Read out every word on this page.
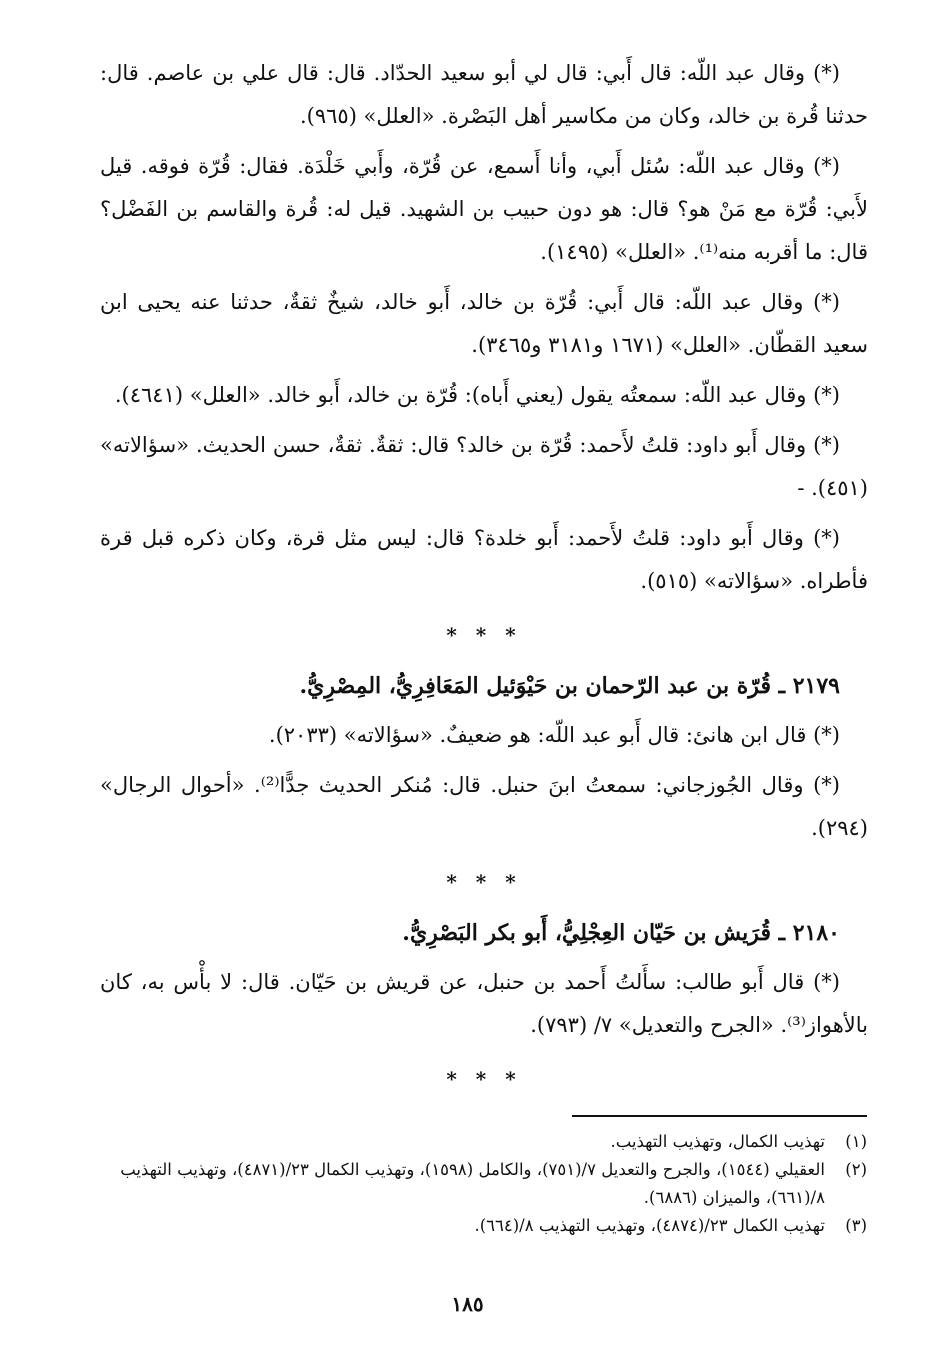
(*) وقال عبد اللّه: قال أَبي: قال لي أبو سعيد الحدّاد. قال: قال علي بن عاصم. قال: حدثنا قُرة بن خالد، وكان من مكاسير أهل البَصْرة. «العلل» (٩٦٥).

(*) وقال عبد اللّه: سُئل أَبي، وأنا أَسمع، عن قُرّة، وأَبي خَلْدَة. فقال: قُرّة فوقه. قيل لأَبي: قُرّة مع مَنْ هو؟ قال: هو دون حبيب بن الشهيد. قيل له: قُرة والقاسم بن الفَضْل؟ قال: ما أقربه منه⁽¹⁾. «العلل» (١٤٩٥).

(*) وقال عبد اللّه: قال أَبي: قُرّة بن خالد، أَبو خالد، شيخٌ ثقةٌ، حدثنا عنه يحيى ابن سعيد القطّان. «العلل» (١٦٧١ و٣١٨١ و٣٤٦٥).

(*) وقال عبد اللّه: سمعتُه يقول (يعني أَباه): قُرّة بن خالد، أَبو خالد. «العلل» (٤٦٤١).

(*) وقال أَبو داود: قلتُ لأَحمد: قُرّة بن خالد؟ قال: ثقةٌ. ثقةٌ، حسن الحديث. «سؤالاته» (٤٥١). -

(*) وقال أَبو داود: قلتُ لأَحمد: أَبو خلدة؟ قال: ليس مثل قرة، وكان ذكره قبل قرة فأطراه. «سؤالاته» (٥١٥).

* * *

٢١٧٩ ـ قُرّة بن عبد الرّحمان بن حَيْوَئيل المَعَافِرِيُّ، المِصْرِيُّ.

(*) قال ابن هانئ: قال أَبو عبد اللّه: هو ضعيفٌ. «سؤالاته» (٢٠٣٣).

(*) وقال الجُوزجاني: سمعتُ ابنَ حنبل. قال: مُنكر الحديث جدًّا⁽²⁾. «أحوال الرجال» (٢٩٤).

* * *

٢١٨٠ ـ قُرَيش بن حَيّان العِجْلِيُّ، أَبو بكر البَصْرِيُّ.

(*) قال أَبو طالب: سأَلتُ أَحمد بن حنبل، عن قريش بن حَيّان. قال: لا بأْس به، كان بالأهواز⁽³⁾. «الجرح والتعديل» ٧/ (٧٩٣).

* * *
(١)
تهذيب الكمال، وتهذيب التهذيب.
(٢)
العقيلي (١٥٤٤)، والجرح والتعديل ٧/(٧٥١)، والكامل (١٥٩٨)، وتهذيب الكمال ٢٣/(٤٨٧١)، وتهذيب التهذيب ٨/(٦٦١)، والميزان (٦٨٨٦).
(٣)
تهذيب الكمال ٢٣/(٤٨٧٤)، وتهذيب التهذيب ٨/(٦٦٤).
١٨٥
